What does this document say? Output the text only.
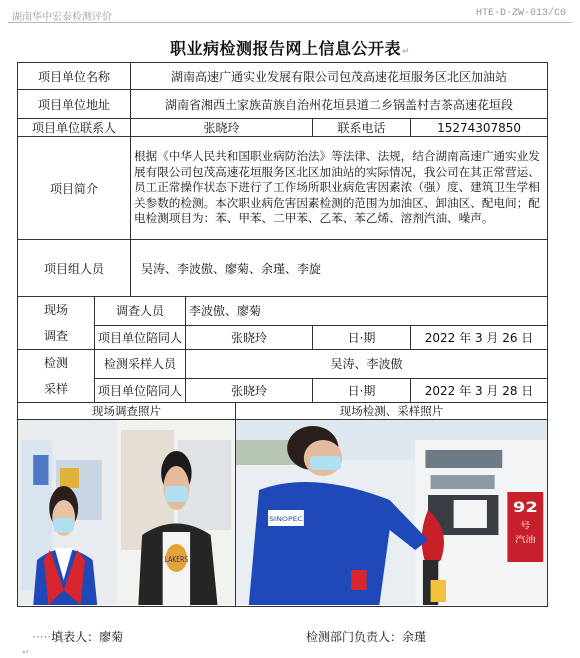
湖南华中宏泰检测评价	HTE-D-ZW-013/C0
职业病检测报告网上信息公开表↵
项目单位名称		湖南高速广通实业发展有限公司包茂高速花垣服务区北区加油站				
项目单位地址		湖南省湘西土家族苗族自治州花垣县道二乡锅盖村吉茶高速花垣段				
项目单位联系人		张晓玲			联系电话	15274307850
项目简介		根据《中华人民共和国职业病防治法》等法律、法规，结合湖南高速广通实业发展有限公司包茂高速花垣服务区北区加油站的实际情况，我公司在其正常营运、员工正常操作状态下进行了工作场所职业病危害因素浓（强）度、建筑卫生学相关参数的检测。本次职业病危害因素检测的范围为加油区、卸油区、配电间；配电检测项目为：苯、甲苯、二甲苯、乙苯、苯乙烯、溶剂汽油、噪声。				
项目组人员		吴涛、李波傲、廖菊、余瑾、李旋				

现场
调查	调查人员		李波傲、廖菊			
	项目单位陪同人		张晓玲		日·期	2022 年 3 月 26 日

检测
采样	检测采样人员		吴涛、李波傲			
	项目单位陪同人		张晓玲		日·期	2022 年 3 月 28 日
现场调查照片				现场检测、采样照片		

LAKERS				92
号
汽油
SINOPEC		
·····填表人：廖菊	检测部门负责人：余瑾
↵
